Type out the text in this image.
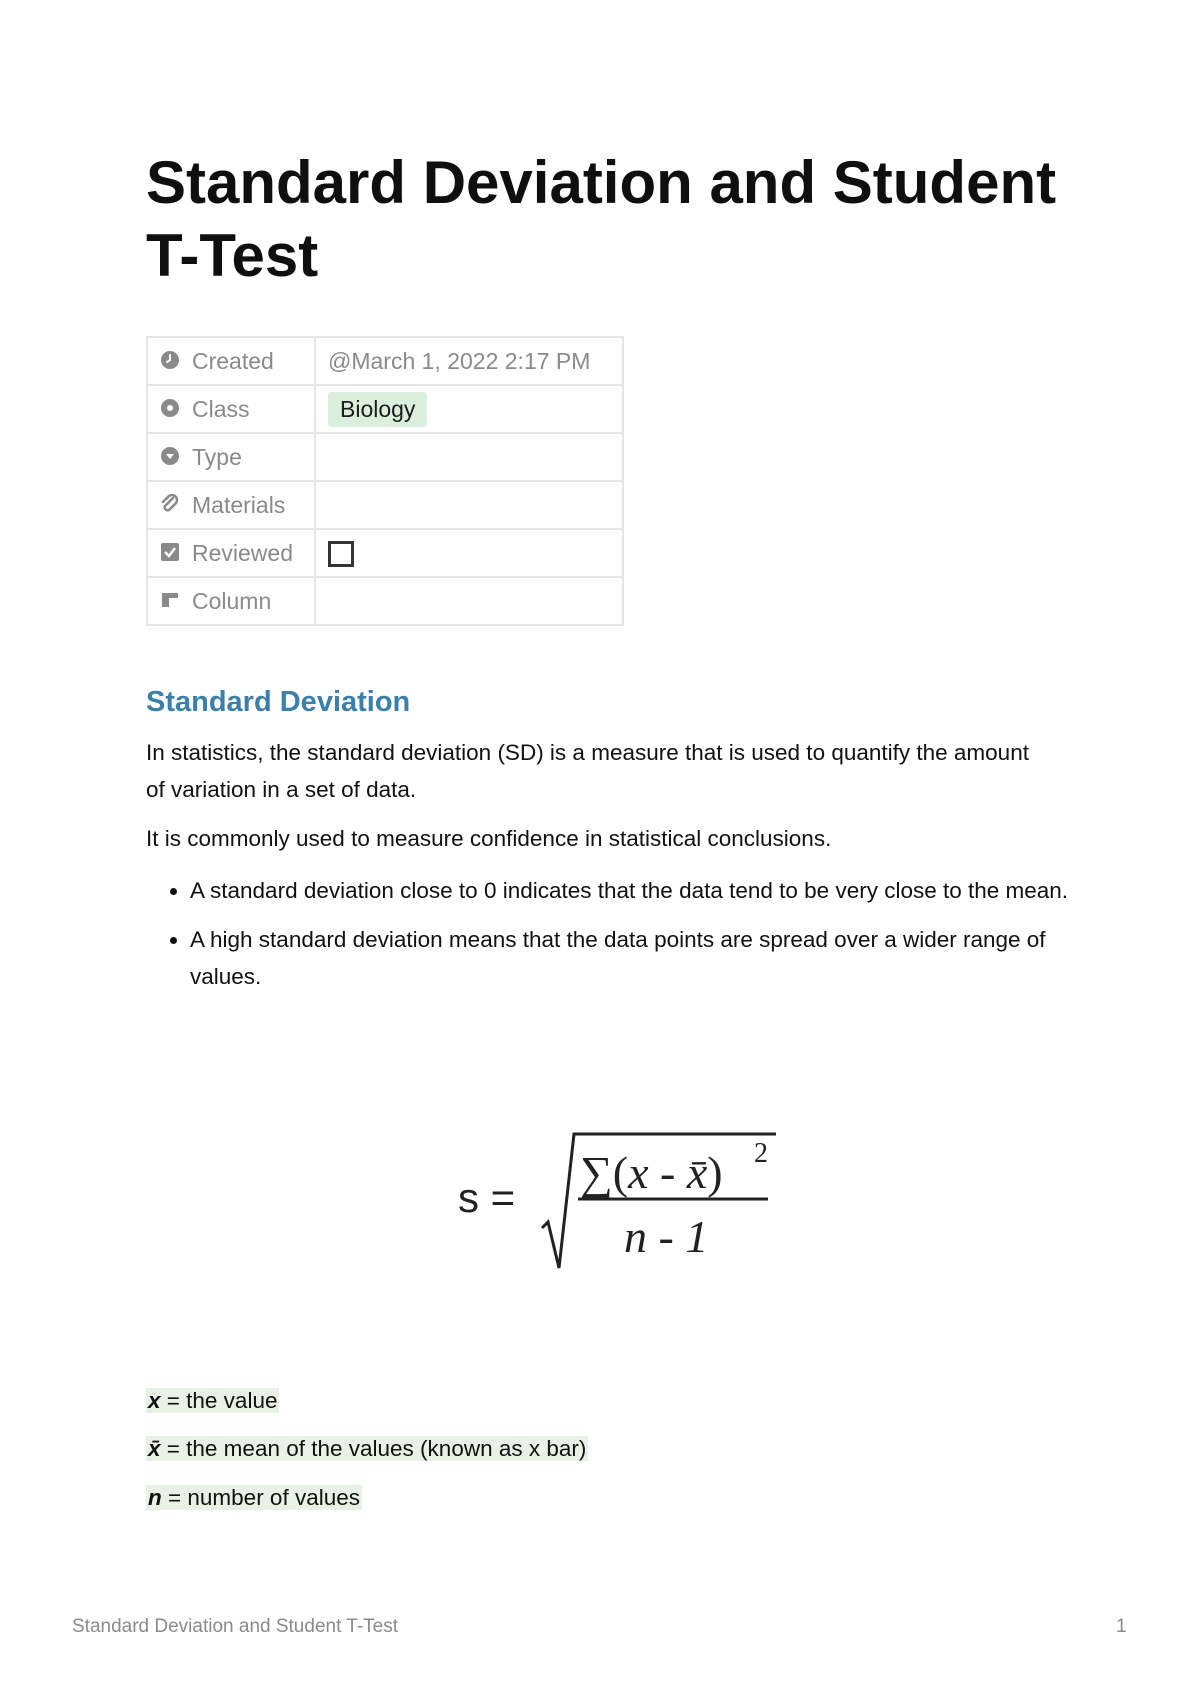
Standard Deviation and Student T-Test
Created	@March 1, 2022 2:17 PM

Class	Biology

Type	

Materials	

Reviewed	

Column	
Standard Deviation

In statistics, the standard deviation (SD) is a measure that is used to quantify the amount of variation in a set of data.

It is commonly used to measure confidence in statistical conclusions.

• A standard deviation close to 0 indicates that the data tend to be very close to the mean.
• A high standard deviation means that the data points are spread over a wider range of values.
s = ∑(x - x̄) 2
n - 1
x = the value
x̄ = the mean of the values (known as x bar)
n = number of values
Standard Deviation and Student T-Test	1
